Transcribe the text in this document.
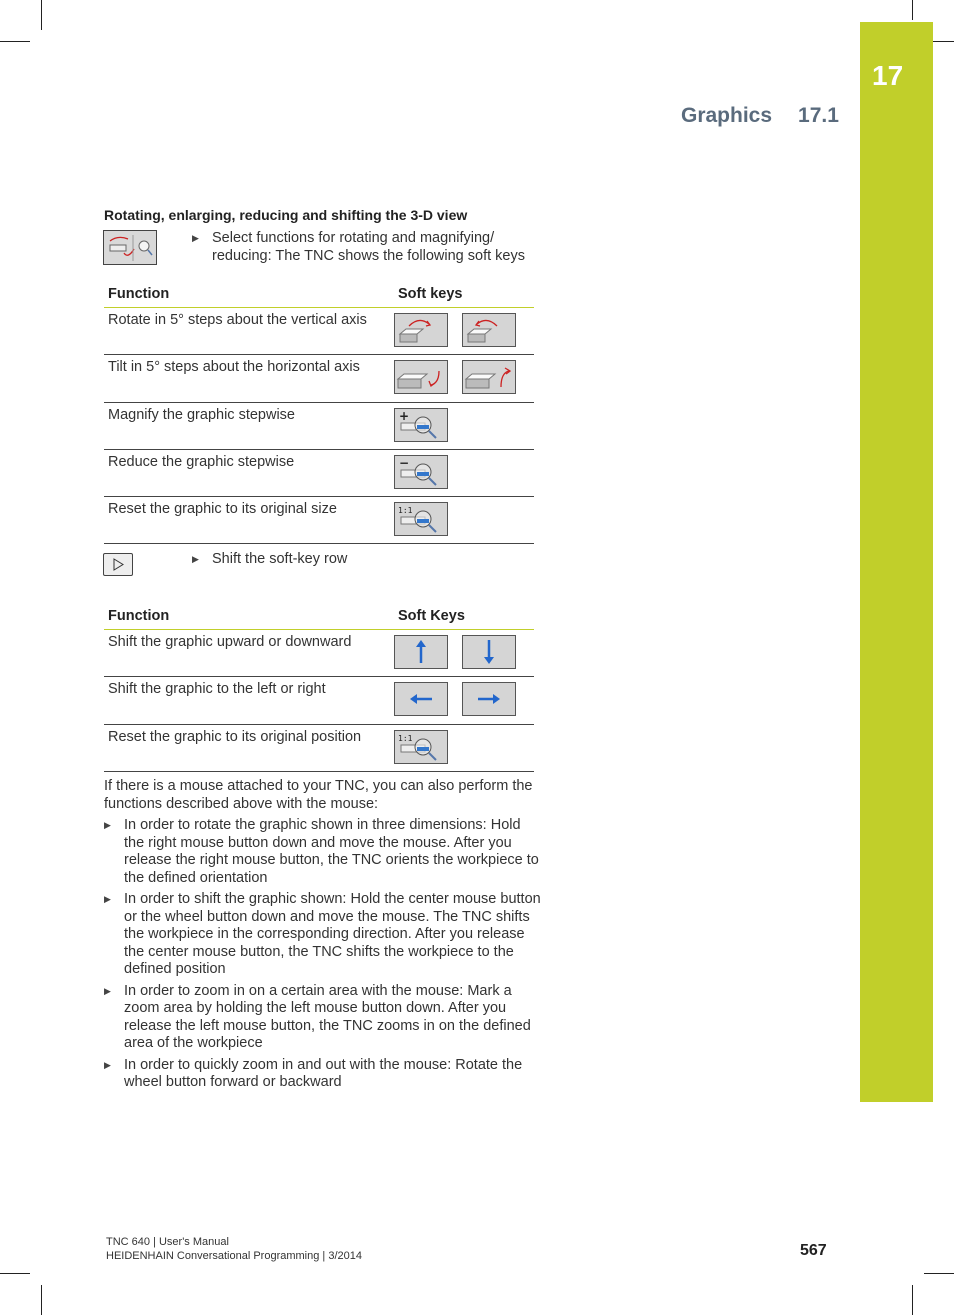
17
Graphics 17.1
Rotating, enlarging, reducing and shifting the 3-D view
▶ Select functions for rotating and magnifying/
reducing: The TNC shows the following soft keys
Function	Soft keys
Rotate in 5° steps about the vertical axis	
Tilt in 5° steps about the horizontal axis	
Magnify the graphic stepwise	+

Reduce the graphic stepwise	−

Reset the graphic to its original size	1:1
▶ Shift the soft-key row
Function	Soft Keys
Shift the graphic upward or downward	
Shift the graphic to the left or right	
Reset the graphic to its original position	1:1
If there is a mouse attached to your TNC, you can also perform the functions described above with the mouse:
▶ In order to rotate the graphic shown in three dimensions: Hold the right mouse button down and move the mouse. After you release the right mouse button, the TNC orients the workpiece to the defined orientation
▶ In order to shift the graphic shown: Hold the center mouse button or the wheel button down and move the mouse. The TNC shifts the workpiece in the corresponding direction. After you release the center mouse button, the TNC shifts the workpiece to the defined position
▶ In order to zoom in on a certain area with the mouse: Mark a zoom area by holding the left mouse button down. After you release the left mouse button, the TNC zooms in on the defined area of the workpiece
▶ In order to quickly zoom in and out with the mouse: Rotate the wheel button forward or backward
TNC 640 | User's Manual
HEIDENHAIN Conversational Programming | 3/2014	567
